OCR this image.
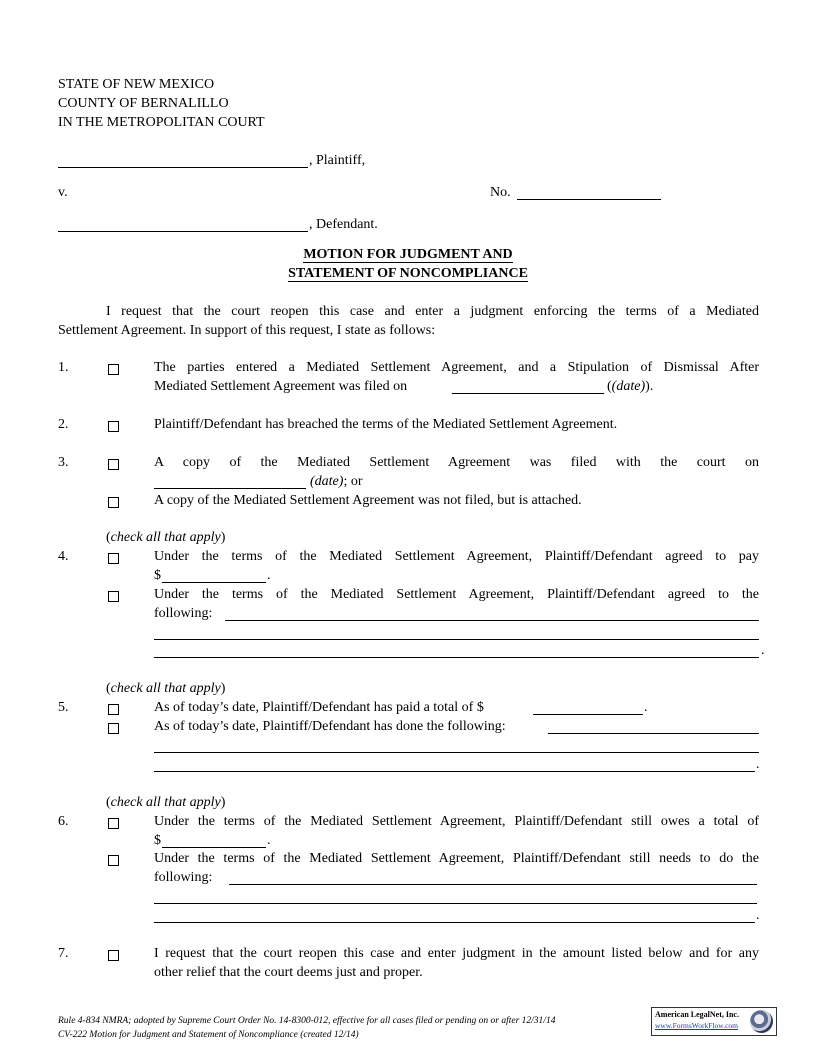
STATE OF NEW MEXICO
COUNTY OF BERNALILLO
IN THE METROPOLITAN COURT
, Plaintiff,
v.	No.
, Defendant.
MOTION FOR JUDGMENT AND
STATEMENT OF NONCOMPLIANCE
I request that the court reopen this case and enter a judgment enforcing the terms of a Mediated
Settlement Agreement. In support of this request, I state as follows:
1.	The parties entered a Mediated Settlement Agreement, and a Stipulation of Dismissal After
Mediated Settlement Agreement was filed on	((date)).
2.	Plaintiff/Defendant has breached the terms of the Mediated Settlement Agreement.
3.	A copy of the Mediated Settlement Agreement was filed with the court on
(date); or
A copy of the Mediated Settlement Agreement was not filed, but is attached.
(check all that apply)
4.	Under the terms of the Mediated Settlement Agreement, Plaintiff/Defendant agreed to pay
$	.
Under the terms of the Mediated Settlement Agreement, Plaintiff/Defendant agreed to the
following:
.
(check all that apply)
5.	As of today’s date, Plaintiff/Defendant has paid a total of $	.
As of today’s date, Plaintiff/Defendant has done the following:
.
(check all that apply)
6.	Under the terms of the Mediated Settlement Agreement, Plaintiff/Defendant still owes a total of
$	.
Under the terms of the Mediated Settlement Agreement, Plaintiff/Defendant still needs to do the
following:
.
7.	I request that the court reopen this case and enter judgment in the amount listed below and for any
other relief that the court deems just and proper.
Rule 4-834 NMRA; adopted by Supreme Court Order No. 14-8300-012, effective for all cases filed or pending on or after 12/31/14
CV-222 Motion for Judgment and Statement of Noncompliance (created 12/14)
American LegalNet, Inc.
www.FormsWorkFlow.com
